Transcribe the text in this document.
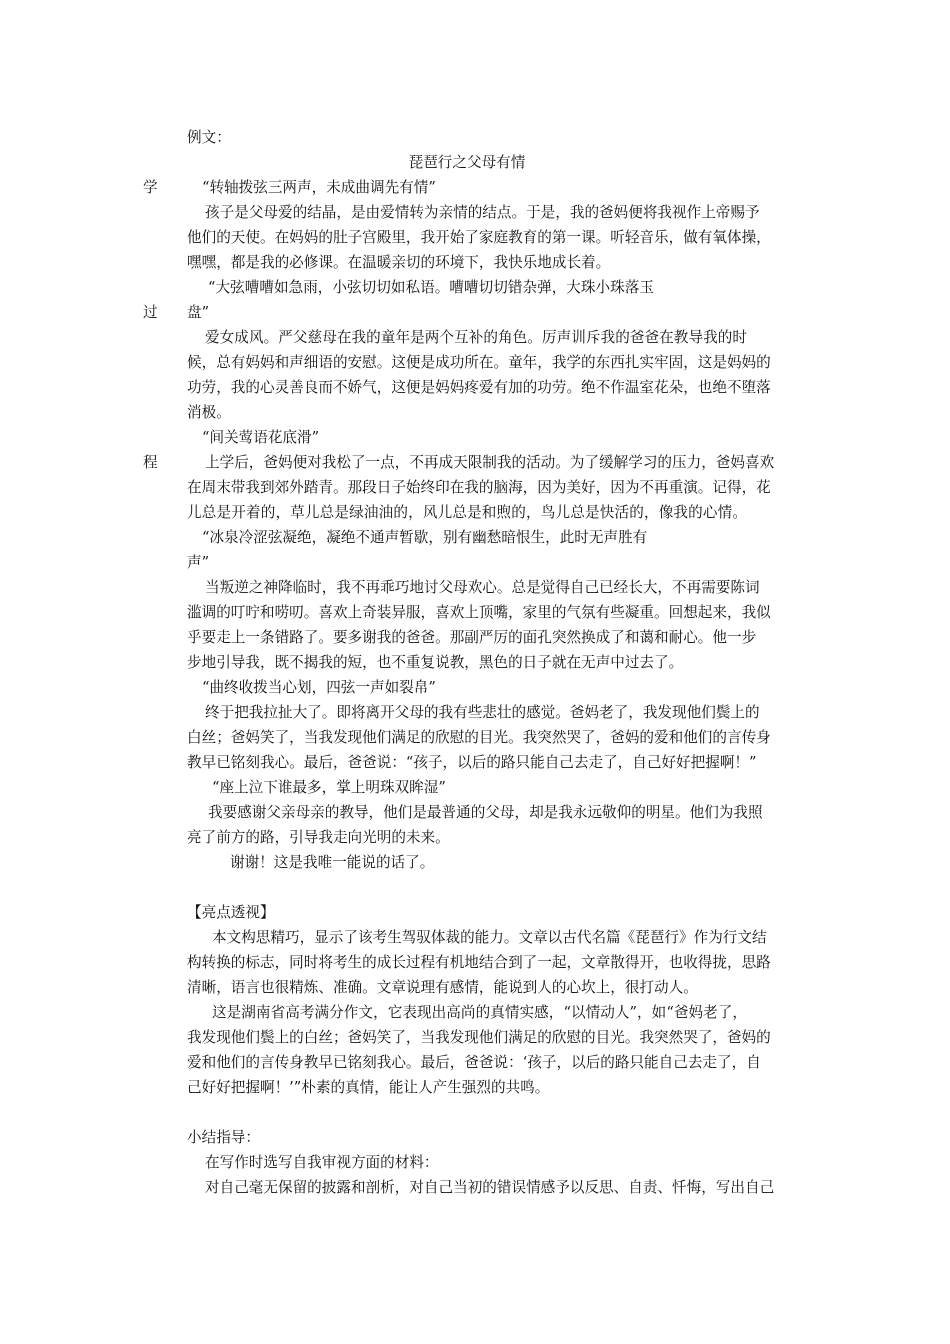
例文：
琵琶行之父母有情
学
过
程
“转轴拨弦三两声，未成曲调先有情”
孩子是父母爱的结晶，是由爱情转为亲情的结点。于是，我的爸妈便将我视作上帝赐予
他们的天使。在妈妈的肚子宫殿里，我开始了家庭教育的第一课。听轻音乐，做有氧体操，
嘿嘿，都是我的必修课。在温暖亲切的环境下，我快乐地成长着。
“大弦嘈嘈如急雨，小弦切切如私语。嘈嘈切切错杂弹，大珠小珠落玉
盘”
爱女成风。严父慈母在我的童年是两个互补的角色。厉声训斥我的爸爸在教导我的时
候，总有妈妈和声细语的安慰。这便是成功所在。童年，我学的东西扎实牢固，这是妈妈的
功劳，我的心灵善良而不娇气，这便是妈妈疼爱有加的功劳。绝不作温室花朵，也绝不堕落
消极。
“间关莺语花底滑”
上学后，爸妈便对我松了一点，不再成天限制我的活动。为了缓解学习的压力，爸妈喜欢
在周末带我到郊外踏青。那段日子始终印在我的脑海，因为美好，因为不再重演。记得，花
儿总是开着的，草儿总是绿油油的，风儿总是和煦的，鸟儿总是快活的，像我的心情。
“冰泉冷涩弦凝绝，凝绝不通声暂歇，别有幽愁暗恨生，此时无声胜有
声”
当叛逆之神降临时，我不再乖巧地讨父母欢心。总是觉得自己已经长大，不再需要陈词
滥调的叮咛和唠叨。喜欢上奇装异服，喜欢上顶嘴，家里的气氛有些凝重。回想起来，我似
乎要走上一条错路了。要多谢我的爸爸。那副严厉的面孔突然换成了和蔼和耐心。他一步
步地引导我，既不揭我的短，也不重复说教，黑色的日子就在无声中过去了。
“曲终收拨当心划，四弦一声如裂帛”
终于把我拉扯大了。即将离开父母的我有些悲壮的感觉。爸妈老了，我发现他们鬓上的
白丝；爸妈笑了，当我发现他们满足的欣慰的目光。我突然哭了，爸妈的爱和他们的言传身
教早已铭刻我心。最后，爸爸说：“孩子，以后的路只能自己去走了，自己好好把握啊！”
“座上泣下谁最多，掌上明珠双眸湿”
我要感谢父亲母亲的教导，他们是最普通的父母，却是我永远敬仰的明星。他们为我照
亮了前方的路，引导我走向光明的未来。
谢谢！这是我唯一能说的话了。
【亮点透视】
本文构思精巧，显示了该考生驾驭体裁的能力。文章以古代名篇《琵琶行》作为行文结
构转换的标志，同时将考生的成长过程有机地结合到了一起，文章散得开，也收得拢，思路
清晰，语言也很精炼、准确。文章说理有感情，能说到人的心坎上，很打动人。
这是湖南省高考满分作文，它表现出高尚的真情实感，“以情动人”，如“爸妈老了，
我发现他们鬓上的白丝；爸妈笑了，当我发现他们满足的欣慰的目光。我突然哭了，爸妈的
爱和他们的言传身教早已铭刻我心。最后，爸爸说：‘孩子，以后的路只能自己去走了，自
己好好把握啊！’”朴素的真情，能让人产生强烈的共鸣。
小结指导：
在写作时选写自我审视方面的材料：
对自己毫无保留的披露和剖析，对自己当初的错误情感予以反思、自责、忏悔，写出自己
